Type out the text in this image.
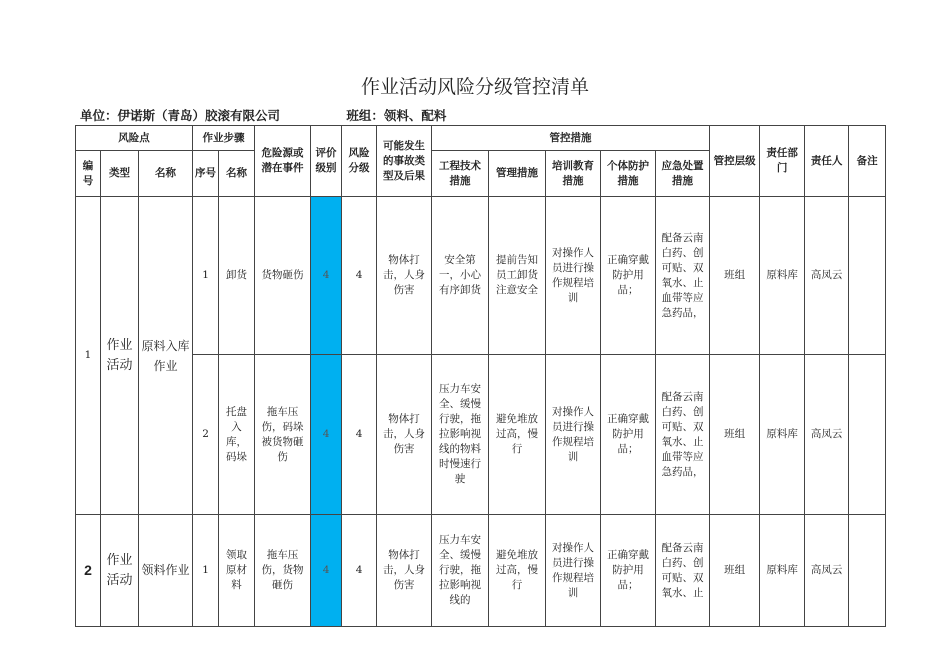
作业活动风险分级管控清单
单位：伊诺斯（青岛）胶滚有限公司	班组：领料、配料
风险点			作业步骤		危险源或潜在事件	评价级别	风险分级	可能发生的事故类型及后果	管控措施					管控层级	责任部门	责任人	备注
编号	类型	名称	序号	名称					工程技术措施	管理措施	培训教育措施	个体防护措施	应急处置措施				
1	作业活动	原料入库作业	1	卸货	货物砸伤	4	4	物体打击，人身伤害	安全第一，小心有序卸货	提前告知员工卸货注意安全	对操作人员进行操作规程培训	正确穿戴防护用品；	配备云南白药、创可贴、双氧水、止血带等应急药品，	班组	原料库	高凤云	
			2	托盘入库，码垛	拖车压伤，码垛被货物砸伤	4	4	物体打击，人身伤害	压力车安全、缓慢行驶，拖拉影响视线的物料时慢速行驶	避免堆放过高，慢行	对操作人员进行操作规程培训	正确穿戴防护用品；	配备云南白药、创可贴、双氧水、止血带等应急药品，	班组	原料库	高凤云	
2	作业活动	领料作业	1	领取原材料	拖车压伤，货物砸伤	4	4	物体打击，人身伤害	压力车安全、缓慢行驶，拖拉影响视线的	避免堆放过高，慢行	对操作人员进行操作规程培训	正确穿戴防护用品；	配备云南白药、创可贴、双氧水、止	班组	原料库	高凤云	
